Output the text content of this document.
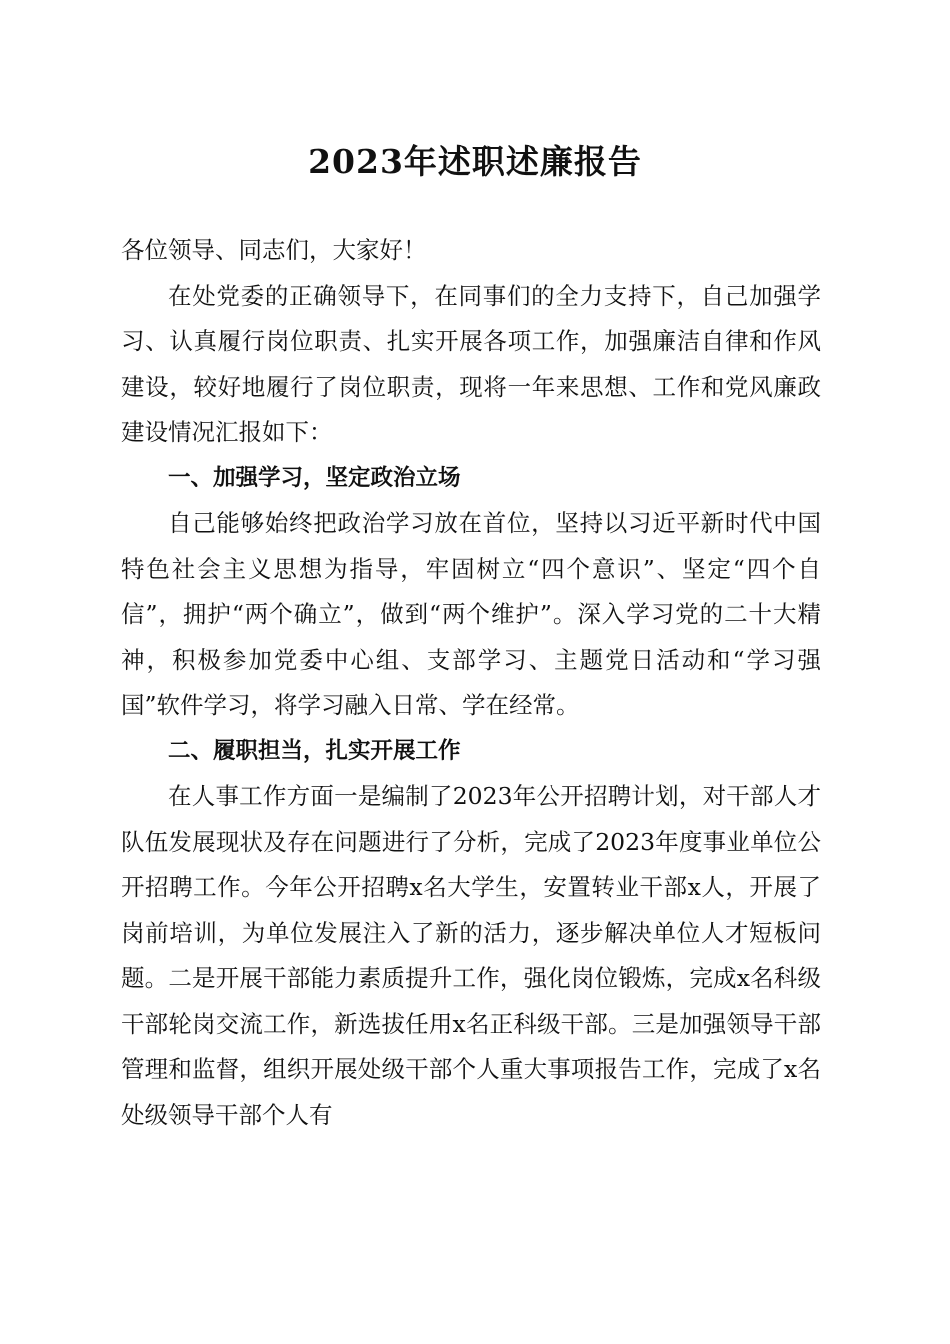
2023年述职述廉报告

各位领导、同志们，大家好！

在处党委的正确领导下，在同事们的全力支持下，自己加强学习、认真履行岗位职责、扎实开展各项工作，加强廉洁自律和作风建设，较好地履行了岗位职责，现将一年来思想、工作和党风廉政建设情况汇报如下：

一、加强学习，坚定政治立场

自己能够始终把政治学习放在首位，坚持以习近平新时代中国特色社会主义思想为指导，牢固树立“四个意识”、坚定“四个自信”，拥护“两个确立”，做到“两个维护”。深入学习党的二十大精神，积极参加党委中心组、支部学习、主题党日活动和“学习强国”软件学习，将学习融入日常、学在经常。

二、履职担当，扎实开展工作

在人事工作方面一是编制了2023年公开招聘计划，对干部人才队伍发展现状及存在问题进行了分析，完成了2023年度事业单位公开招聘工作。今年公开招聘x名大学生，安置转业干部x人，开展了岗前培训，为单位发展注入了新的活力，逐步解决单位人才短板问题。二是开展干部能力素质提升工作，强化岗位锻炼，完成x名科级干部轮岗交流工作，新选拔任用x名正科级干部。三是加强领导干部管理和监督，组织开展处级干部个人重大事项报告工作，完成了x名处级领导干部个人有
